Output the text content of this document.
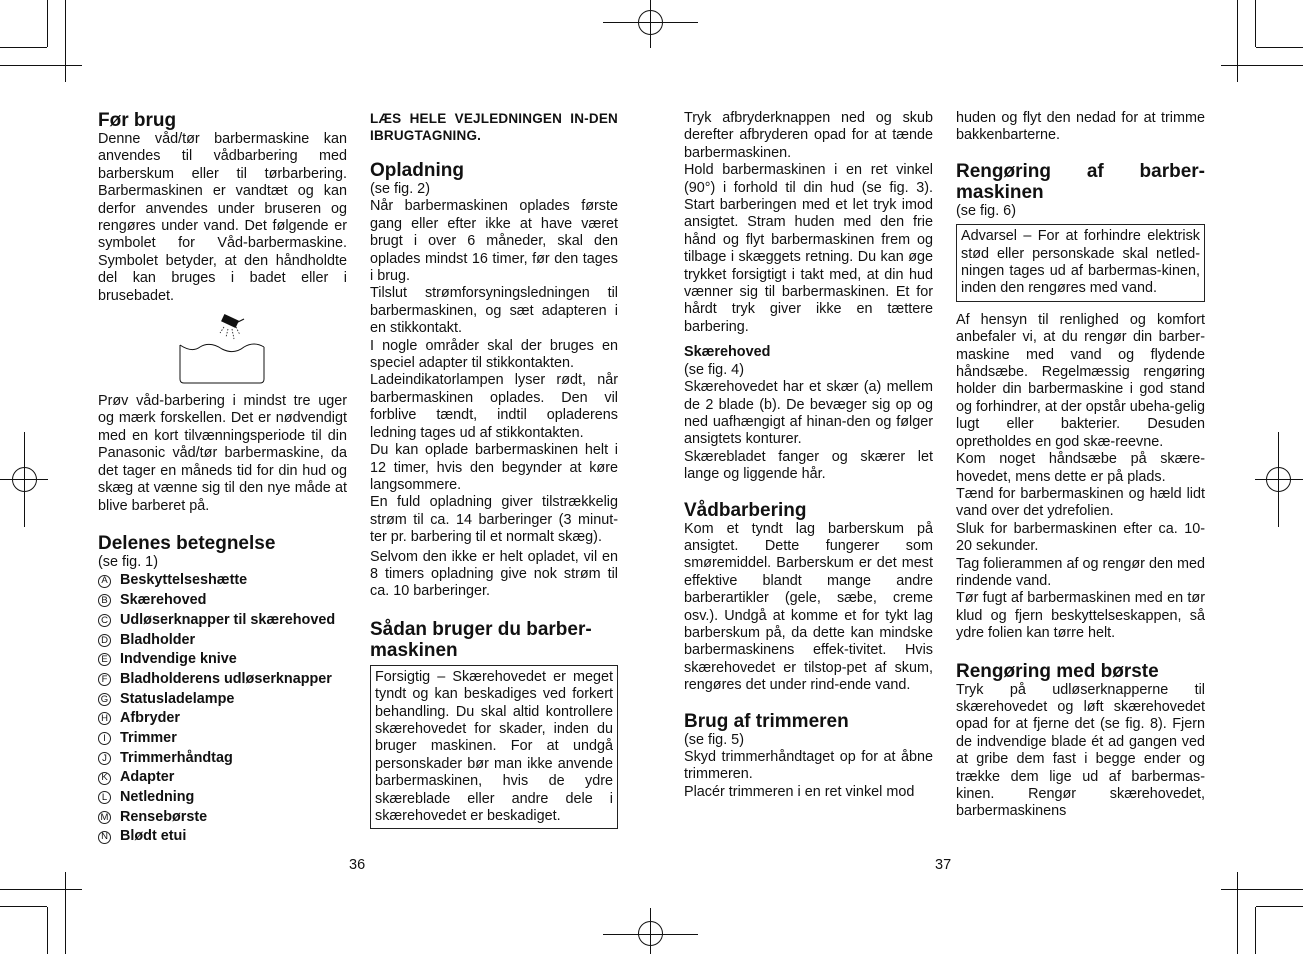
Før brug

Denne våd/tør barbermaskine kan anvendes til vådbarbering med barberskum eller til tørbarbering. Barbermaskinen er vandtæt og kan derfor anvendes under bruseren og rengøres under vand. Det følgende er symbolet for Våd-barbermaskine. Symbolet betyder, at den håndholdte del kan bruges i badet eller i brusebadet.

Prøv våd-barbering i mindst tre uger og mærk forskellen. Det er nødvendigt med en kort tilvænningsperiode til din Panasonic våd/tør barbermaskine, da det tager en måneds tid for din hud og skæg at vænne sig til den nye måde at blive barberet på.

Delenes betegnelse

(se fig. 1)

A Beskyttelseshætte
B Skærehoved
C Udløserknapper til skærehoved
D Bladholder
E Indvendige knive
F Bladholderens udløserknapper
G Statusladelampe
H Afbryder
I Trimmer
J Trimmerhåndtag
K Adapter
L Netledning
M Rensebørste
N Blødt etui
36

LÆS HELE VEJLEDNINGEN IN-DEN IBRUGTAGNING.

Opladning

(se fig. 2)

Når barbermaskinen oplades første gang eller efter ikke at have været brugt i over 6 måneder, skal den oplades mindst 16 timer, før den tages i brug.

Tilslut strømforsyningsledningen til barbermaskinen, og sæt adapteren i en stikkontakt.

I nogle områder skal der bruges en speciel adapter til stikkontakten.

Ladeindikatorlampen lyser rødt, når barbermaskinen oplades. Den vil forblive tændt, indtil opladerens ledning tages ud af stikkontakten.

Du kan oplade barbermaskinen helt i 12 timer, hvis den begynder at køre langsommere.

En fuld opladning giver tilstrækkelig strøm til ca. 14 barberinger (3 minut-ter pr. barbering til et normalt skæg).

Selvom den ikke er helt opladet, vil en 8 timers opladning give nok strøm til ca. 10 barberinger.

Sådan bruger du barber-maskinen
Forsigtig – Skærehovedet er meget tyndt og kan beskadiges ved forkert behandling. Du skal altid kontrollere skærehovedet for skader, inden du bruger maskinen. For at undgå personskader bør man ikke anvende barbermaskinen, hvis de ydre skæreblade eller andre dele i skærehovedet er beskadiget.

Tryk afbryderknappen ned og skub derefter afbryderen opad for at tænde barbermaskinen.

Hold barbermaskinen i en ret vinkel (90°) i forhold til din hud (se fig. 3). Start barberingen med et let tryk imod ansigtet. Stram huden med den frie hånd og flyt barbermaskinen frem og tilbage i skæggets retning. Du kan øge trykket forsigtigt i takt med, at din hud vænner sig til barbermaskinen. Et for hårdt tryk giver ikke en tættere barbering.

Skærehoved

(se fig. 4)

Skærehovedet har et skær (a) mellem de 2 blade (b). De bevæger sig op og ned uafhængigt af hinan-den og følger ansigtets konturer.

Skærebladet fanger og skærer let lange og liggende hår.

Vådbarbering

Kom et tyndt lag barberskum på ansigtet. Dette fungerer som smøremiddel. Barberskum er det mest effektive blandt mange andre barberartikler (gele, sæbe, creme osv.). Undgå at komme et for tykt lag barberskum på, da dette kan mindske barbermaskinens effek-tivitet. Hvis skærehovedet er tilstop-pet af skum, rengøres det under rind-ende vand.

Brug af trimmeren

(se fig. 5)

Skyd trimmerhåndtaget op for at åbne trimmeren.

Placér trimmeren i en ret vinkel mod

37

huden og flyt den nedad for at trimme bakkenbarterne.

Rengøring af barber-maskinen

(se fig. 6)

Advarsel – For at forhindre elektrisk stød eller personskade skal netled-ningen tages ud af barbermas-kinen, inden den rengøres med vand.

Af hensyn til renlighed og komfort anbefaler vi, at du rengør din barber-maskine med vand og flydende håndsæbe. Regelmæssig rengøring holder din barbermaskine i god stand og forhindrer, at der opstår ubeha-gelig lugt eller bakterier. Desuden opretholdes en god skæ-reevne.

Kom noget håndsæbe på skære-hovedet, mens dette er på plads.

Tænd for barbermaskinen og hæld lidt vand over det ydrefolien.

Sluk for barbermaskinen efter ca. 10-20 sekunder.

Tag folierammen af og rengør den med rindende vand.

Tør fugt af barbermaskinen med en tør klud og fjern beskyttelseskappen, så ydre folien kan tørre helt.

Rengøring med børste

Tryk på udløserknapperne til skærehovedet og løft skærehovedet opad for at fjerne det (se fig. 8). Fjern de indvendige blade ét ad gangen ved at gribe dem fast i begge ender og trække dem lige ud af barbermas-kinen. Rengør skærehovedet, barbermaskinens
